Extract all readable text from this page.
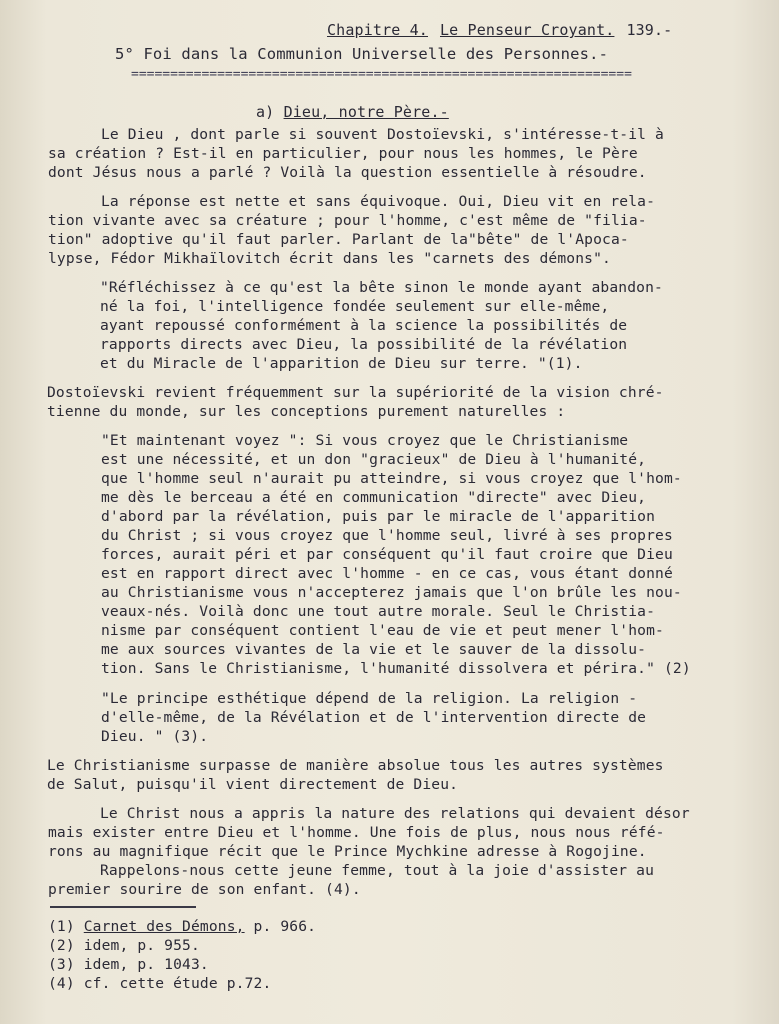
Chapitre 4. Le Penseur Croyant. 139.-
5° Foi dans la Communion Universelle des Personnes.-
================================================================
a) Dieu, notre Père.-
Le Dieu , dont parle si souvent Dostoïevski, s'intéresse-t-il à
sa création ? Est-il en particulier, pour nous les hommes, le Père
dont Jésus nous a parlé ? Voilà la question essentielle à résoudre.
La réponse est nette et sans équivoque. Oui, Dieu vit en rela-
tion vivante avec sa créature ; pour l'homme, c'est même de "filia-
tion" adoptive qu'il faut parler. Parlant de la"bête" de l'Apoca-
lypse, Fédor Mikhaïlovitch écrit dans les "carnets des démons".
"Réfléchissez à ce qu'est la bête sinon le monde ayant abandon-
né la foi, l'intelligence fondée seulement sur elle-même,
ayant repoussé conformément à la science la possibilités de
rapports directs avec Dieu, la possibilité de la révélation
et du Miracle de l'apparition de Dieu sur terre. "(1).
Dostoïevski revient fréquemment sur la supériorité de la vision chré-
tienne du monde, sur les conceptions purement naturelles :
"Et maintenant voyez ": Si vous croyez que le Christianisme
est une nécessité, et un don "gracieux" de Dieu à l'humanité,
que l'homme seul n'aurait pu atteindre, si vous croyez que l'hom-
me dès le berceau a été en communication "directe" avec Dieu,
d'abord par la révélation, puis par le miracle de l'apparition
du Christ ; si vous croyez que l'homme seul, livré à ses propres
forces, aurait péri et par conséquent qu'il faut croire que Dieu
est en rapport direct avec l'homme - en ce cas, vous étant donné
au Christianisme vous n'accepterez jamais que l'on brûle les nou-
veaux-nés. Voilà donc une tout autre morale. Seul le Christia-
nisme par conséquent contient l'eau de vie et peut mener l'hom-
me aux sources vivantes de la vie et le sauver de la dissolu-
tion. Sans le Christianisme, l'humanité dissolvera et périra." (2)
"Le principe esthétique dépend de la religion. La religion -
d'elle-même, de la Révélation et de l'intervention directe de
Dieu. " (3).
Le Christianisme surpasse de manière absolue tous les autres systèmes
de Salut, puisqu'il vient directement de Dieu.
Le Christ nous a appris la nature des relations qui devaient désor
mais exister entre Dieu et l'homme. Une fois de plus, nous nous réfé-
rons au magnifique récit que le Prince Mychkine adresse à Rogojine.
Rappelons-nous cette jeune femme, tout à la joie d'assister au
premier sourire de son enfant. (4).
(1) Carnet des Démons, p. 966.
(2) idem, p. 955.
(3) idem, p. 1043.
(4) cf. cette étude p.72.
